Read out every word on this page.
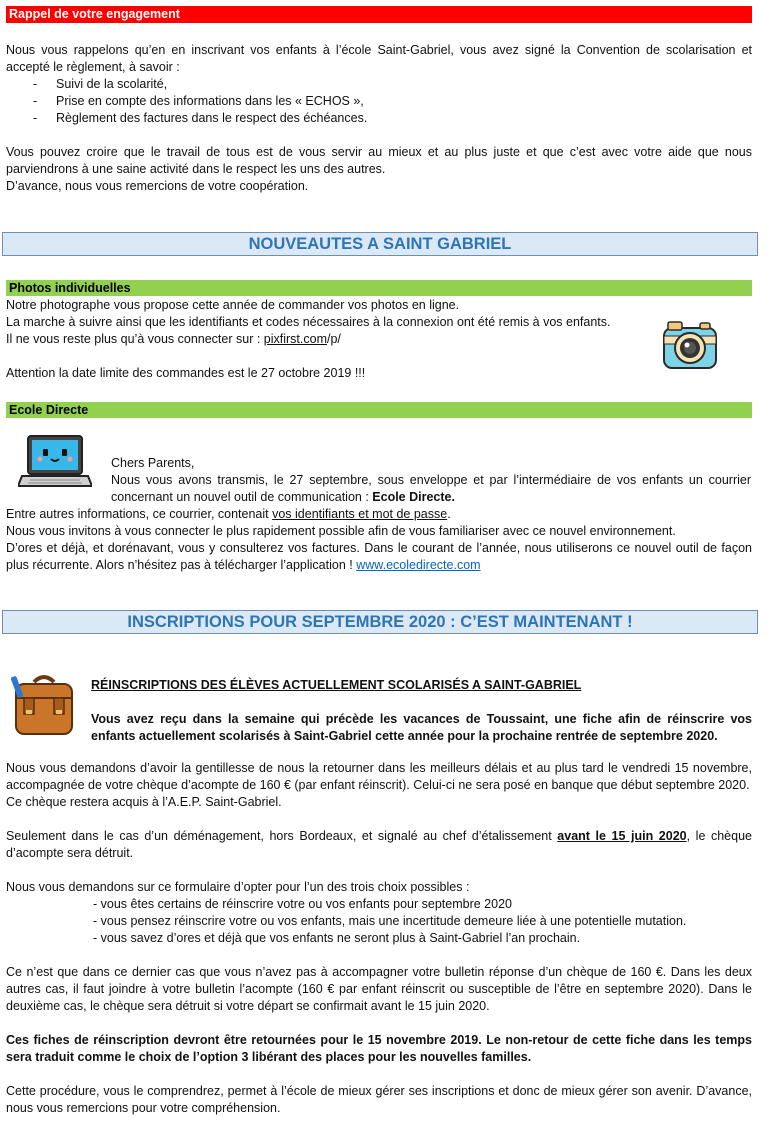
Rappel de votre engagement

Nous vous rappelons qu’en en inscrivant vos enfants à l’école Saint-Gabriel, vous avez signé la Convention de scolarisation et accepté le règlement, à savoir :

- Suivi de la scolarité,
- Prise en compte des informations dans les « ECHOS »,
- Règlement des factures dans le respect des échéances.

Vous pouvez croire que le travail de tous est de vous servir au mieux et au plus juste et que c’est avec votre aide que nous parviendrons à une saine activité dans le respect les uns des autres.

D’avance, nous vous remercions de votre coopération.

NOUVEAUTES A SAINT GABRIEL
Photos individuelles

Notre photographe vous propose cette année de commander vos photos en ligne.

La marche à suivre ainsi que les identifiants et codes nécessaires à la connexion ont été remis à vos enfants.

Il ne vous reste plus qu’à vous connecter sur : pixfirst.com/p/

Attention la date limite des commandes est le 27 octobre 2019 !!!

Ecole Directe

Chers Parents,

Nous vous avons transmis, le 27 septembre, sous enveloppe et par l’intermédiaire de vos enfants un courrier concernant un nouvel outil de communication : Ecole Directe.

Entre autres informations, ce courrier, contenait vos identifiants et mot de passe.

Nous vous invitons à vous connecter le plus rapidement possible afin de vous familiariser avec ce nouvel environnement.

D’ores et déjà, et dorénavant, vous y consulterez vos factures. Dans le courant de l’année, nous utiliserons ce nouvel outil de façon plus récurrente. Alors n’hésitez pas à télécharger l’application ! www.ecoledirecte.com

INSCRIPTIONS POUR SEPTEMBRE 2020 : C’EST MAINTENANT !

RÉINSCRIPTIONS DES ÉLÈVES ACTUELLEMENT SCOLARISÉS A SAINT-GABRIEL

Vous avez reçu dans la semaine qui précède les vacances de Toussaint, une fiche afin de réinscrire vos enfants actuellement scolarisés à Saint-Gabriel cette année pour la prochaine rentrée de septembre 2020.

Nous vous demandons d’avoir la gentillesse de nous la retourner dans les meilleurs délais et au plus tard le vendredi 15 novembre, accompagnée de votre chèque d’acompte de 160 € (par enfant réinscrit). Celui-ci ne sera posé en banque que début septembre 2020.

Ce chèque restera acquis à l’A.E.P. Saint-Gabriel.

Seulement dans le cas d’un déménagement, hors Bordeaux, et signalé au chef d’étalissement avant le 15 juin 2020, le chèque d’acompte sera détruit.

Nous vous demandons sur ce formulaire d’opter pour l’un des trois choix possibles :

- vous êtes certains de réinscrire votre ou vos enfants pour septembre 2020
- vous pensez réinscrire votre ou vos enfants, mais une incertitude demeure liée à une potentielle mutation.
- vous savez d’ores et déjà que vos enfants ne seront plus à Saint-Gabriel l’an prochain.

Ce n’est que dans ce dernier cas que vous n’avez pas à accompagner votre bulletin réponse d’un chèque de 160 €. Dans les deux autres cas, il faut joindre à votre bulletin l’acompte (160 € par enfant réinscrit ou susceptible de l’être en septembre 2020). Dans le deuxième cas, le chèque sera détruit si votre départ se confirmait avant le 15 juin 2020.

Ces fiches de réinscription devront être retournées pour le 15 novembre 2019. Le non-retour de cette fiche dans les temps sera traduit comme le choix de l’option 3 libérant des places pour les nouvelles familles.

Cette procédure, vous le comprendrez, permet à l’école de mieux gérer ses inscriptions et donc de mieux gérer son avenir. D’avance, nous vous remercions pour votre compréhension.
